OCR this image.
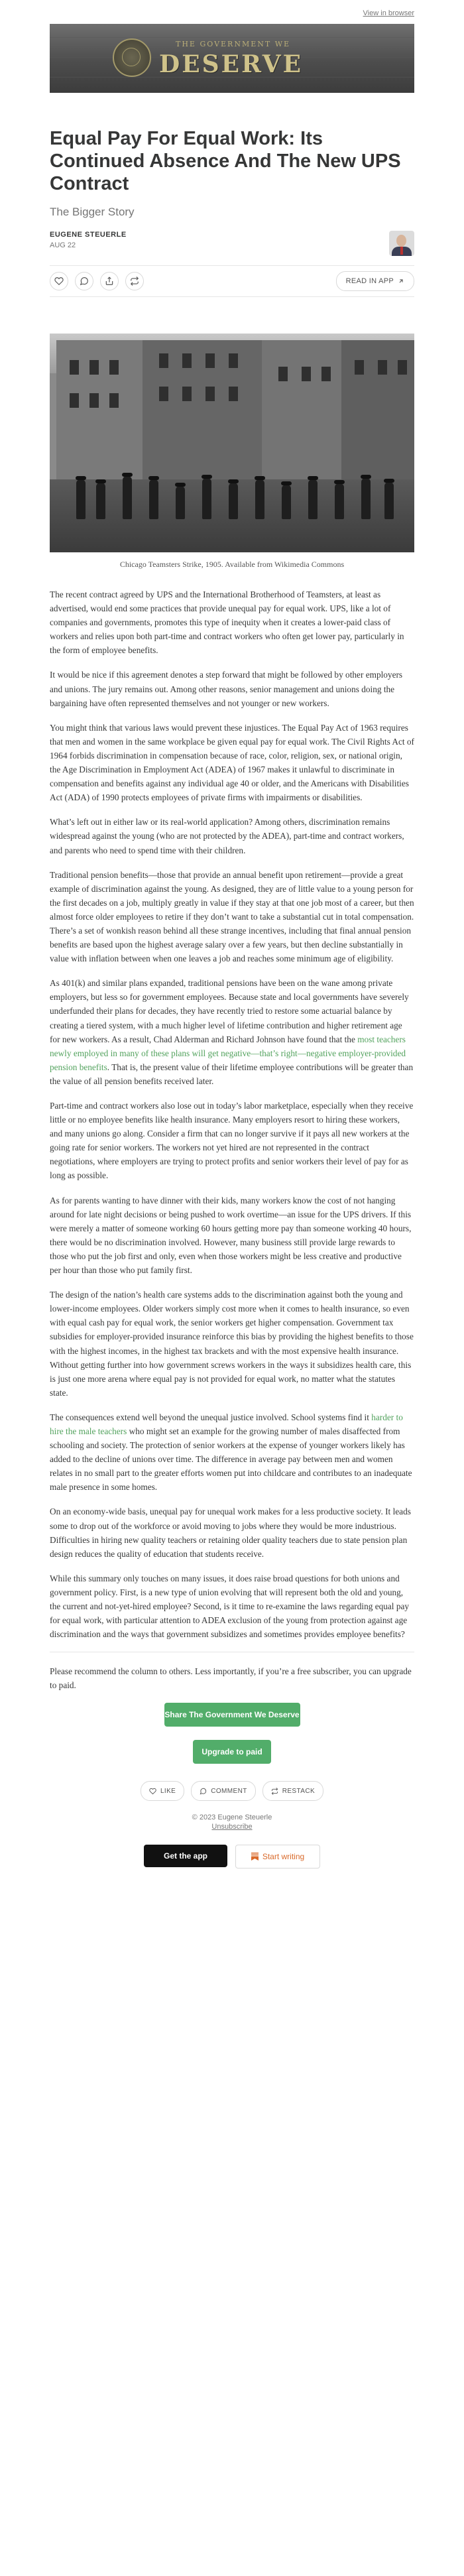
View in browser
THE GOVERNMENT WE
DESERVE
Equal Pay For Equal Work: Its Continued Absence And The New UPS Contract
The Bigger Story
EUGENE STEUERLE
AUG 22
READ IN APP
Chicago Teamsters Strike, 1905. Available from Wikimedia Commons

The recent contract agreed by UPS and the International Brotherhood of Teamsters, at least as advertised, would end some practices that provide unequal pay for equal work. UPS, like a lot of companies and governments, promotes this type of inequity when it creates a lower-paid class of workers and relies upon both part-time and contract workers who often get lower pay, particularly in the form of employee benefits.

It would be nice if this agreement denotes a step forward that might be followed by other employers and unions. The jury remains out. Among other reasons, senior management and unions doing the bargaining have often represented themselves and not younger or new workers.

You might think that various laws would prevent these injustices. The Equal Pay Act of 1963 requires that men and women in the same workplace be given equal pay for equal work. The Civil Rights Act of 1964 forbids discrimination in compensation because of race, color, religion, sex, or national origin, the Age Discrimination in Employment Act (ADEA) of 1967 makes it unlawful to discriminate in compensation and benefits against any individual age 40 or older, and the Americans with Disabilities Act (ADA) of 1990 protects employees of private firms with impairments or disabilities.

What’s left out in either law or its real-world application? Among others, discrimination remains widespread against the young (who are not protected by the ADEA), part-time and contract workers, and parents who need to spend time with their children.

Traditional pension benefits—those that provide an annual benefit upon retirement—provide a great example of discrimination against the young. As designed, they are of little value to a young person for the first decades on a job, multiply greatly in value if they stay at that one job most of a career, but then almost force older employees to retire if they don’t want to take a substantial cut in total compensation. There’s a set of wonkish reason behind all these strange incentives, including that final annual pension benefits are based upon the highest average salary over a few years, but then decline substantially in value with inflation between when one leaves a job and reaches some minimum age of eligibility.

As 401(k) and similar plans expanded, traditional pensions have been on the wane among private employers, but less so for government employees. Because state and local governments have severely underfunded their plans for decades, they have recently tried to restore some actuarial balance by creating a tiered system, with a much higher level of lifetime contribution and higher retirement age for new workers. As a result, Chad Alderman and Richard Johnson have found that the most teachers newly employed in many of these plans will get negative—that’s right—negative employer-provided pension benefits. That is, the present value of their lifetime employee contributions will be greater than the value of all pension benefits received later.

Part-time and contract workers also lose out in today’s labor marketplace, especially when they receive little or no employee benefits like health insurance. Many employers resort to hiring these workers, and many unions go along. Consider a firm that can no longer survive if it pays all new workers at the going rate for senior workers. The workers not yet hired are not represented in the contract negotiations, where employers are trying to protect profits and senior workers their level of pay for as long as possible.

As for parents wanting to have dinner with their kids, many workers know the cost of not hanging around for late night decisions or being pushed to work overtime—an issue for the UPS drivers. If this were merely a matter of someone working 60 hours getting more pay than someone working 40 hours, there would be no discrimination involved. However, many business still provide large rewards to those who put the job first and only, even when those workers might be less creative and productive per hour than those who put family first.

The design of the nation’s health care systems adds to the discrimination against both the young and lower-income employees. Older workers simply cost more when it comes to health insurance, so even with equal cash pay for equal work, the senior workers get higher compensation. Government tax subsidies for employer-provided insurance reinforce this bias by providing the highest benefits to those with the highest incomes, in the highest tax brackets and with the most expensive health insurance. Without getting further into how government screws workers in the ways it subsidizes health care, this is just one more arena where equal pay is not provided for equal work, no matter what the statutes state.

The consequences extend well beyond the unequal justice involved. School systems find it harder to hire the male teachers who might set an example for the growing number of males disaffected from schooling and society. The protection of senior workers at the expense of younger workers likely has added to the decline of unions over time. The difference in average pay between men and women relates in no small part to the greater efforts women put into childcare and contributes to an inadequate male presence in some homes.

On an economy-wide basis, unequal pay for unequal work makes for a less productive society. It leads some to drop out of the workforce or avoid moving to jobs where they would be more industrious. Difficulties in hiring new quality teachers or retaining older quality teachers due to state pension plan design reduces the quality of education that students receive.

While this summary only touches on many issues, it does raise broad questions for both unions and government policy. First, is a new type of union evolving that will represent both the old and young, the current and not-yet-hired employee? Second, is it time to re-examine the laws regarding equal pay for equal work, with particular attention to ADEA exclusion of the young from protection against age discrimination and the ways that government subsidizes and sometimes provides employee benefits?

Please recommend the column to others. Less importantly, if you’re a free subscriber, you can upgrade to paid.

Share The Government We Deserve
Upgrade to paid
LIKE	COMMENT	RESTACK
© 2023 Eugene Steuerle
Unsubscribe
Get the app	Start writing
